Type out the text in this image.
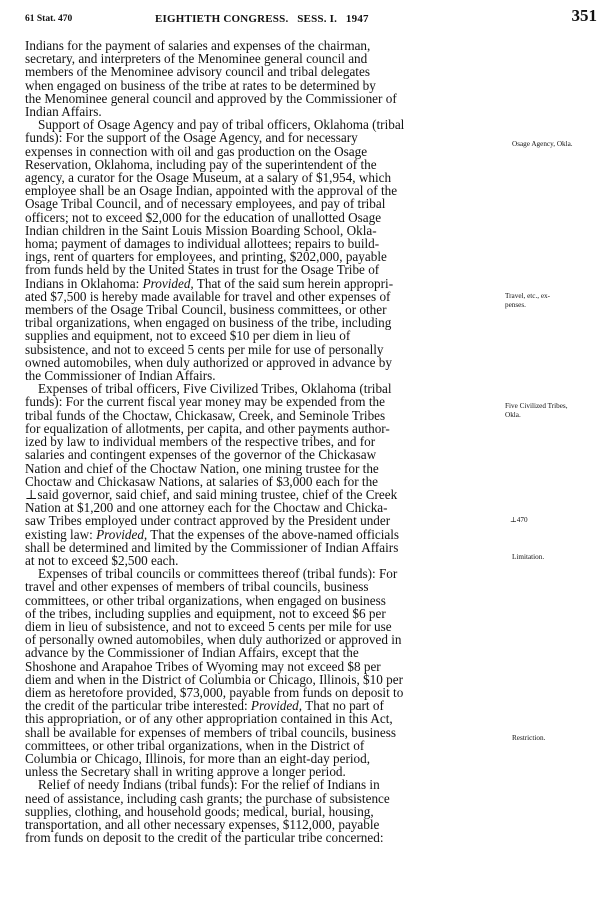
61 Stat. 470	EIGHTIETH CONGRESS.   SESS. I.   1947	351
Indians for the payment of salaries and expenses of the chairman,
secretary, and interpreters of the Menominee general council and
members of the Menominee advisory council and tribal delegates
when engaged on business of the tribe at rates to be determined by
the Menominee general council and approved by the Commissioner of
Indian Affairs.
Support of Osage Agency and pay of tribal officers, Oklahoma (tribal
funds): For the support of the Osage Agency, and for necessary
expenses in connection with oil and gas production on the Osage
Reservation, Oklahoma, including pay of the superintendent of the
agency, a curator for the Osage Museum, at a salary of $1,954, which
employee shall be an Osage Indian, appointed with the approval of the
Osage Tribal Council, and of necessary employees, and pay of tribal
officers; not to exceed $2,000 for the education of unallotted Osage
Indian children in the Saint Louis Mission Boarding School, Okla-
homa; payment of damages to individual allottees; repairs to build-
ings, rent of quarters for employees, and printing, $202,000, payable
from funds held by the United States in trust for the Osage Tribe of
Indians in Oklahoma: Provided, That of the said sum herein appropri-
ated $7,500 is hereby made available for travel and other expenses of
members of the Osage Tribal Council, business committees, or other
tribal organizations, when engaged on business of the tribe, including
supplies and equipment, not to exceed $10 per diem in lieu of
subsistence, and not to exceed 5 cents per mile for use of personally
owned automobiles, when duly authorized or approved in advance by
the Commissioner of Indian Affairs.
Expenses of tribal officers, Five Civilized Tribes, Oklahoma (tribal
funds): For the current fiscal year money may be expended from the
tribal funds of the Choctaw, Chickasaw, Creek, and Seminole Tribes
for equalization of allotments, per capita, and other payments author-
ized by law to individual members of the respective tribes, and for
salaries and contingent expenses of the governor of the Chickasaw
Nation and chief of the Choctaw Nation, one mining trustee for the
Choctaw and Chickasaw Nations, at salaries of $3,000 each for the
⊥said governor, said chief, and said mining trustee, chief of the Creek
Nation at $1,200 and one attorney each for the Choctaw and Chicka-
saw Tribes employed under contract approved by the President under
existing law: Provided, That the expenses of the above-named officials
shall be determined and limited by the Commissioner of Indian Affairs
at not to exceed $2,500 each.
Expenses of tribal councils or committees thereof (tribal funds): For
travel and other expenses of members of tribal councils, business
committees, or other tribal organizations, when engaged on business
of the tribes, including supplies and equipment, not to exceed $6 per
diem in lieu of subsistence, and not to exceed 5 cents per mile for use
of personally owned automobiles, when duly authorized or approved in
advance by the Commissioner of Indian Affairs, except that the
Shoshone and Arapahoe Tribes of Wyoming may not exceed $8 per
diem and when in the District of Columbia or Chicago, Illinois, $10 per
diem as heretofore provided, $73,000, payable from funds on deposit to
the credit of the particular tribe interested: Provided, That no part of
this appropriation, or of any other appropriation contained in this Act,
shall be available for expenses of members of tribal councils, business
committees, or other tribal organizations, when in the District of
Columbia or Chicago, Illinois, for more than an eight-day period,
unless the Secretary shall in writing approve a longer period.
Relief of needy Indians (tribal funds): For the relief of Indians in
need of assistance, including cash grants; the purchase of subsistence
supplies, clothing, and household goods; medical, burial, housing,
transportation, and all other necessary expenses, $112,000, payable
from funds on deposit to the credit of the particular tribe concerned:
Osage Agency, Okla.
Travel, etc., ex-
penses.
Five Civilized Tribes,
Okla.
⊥470
Limitation.
Restriction.
